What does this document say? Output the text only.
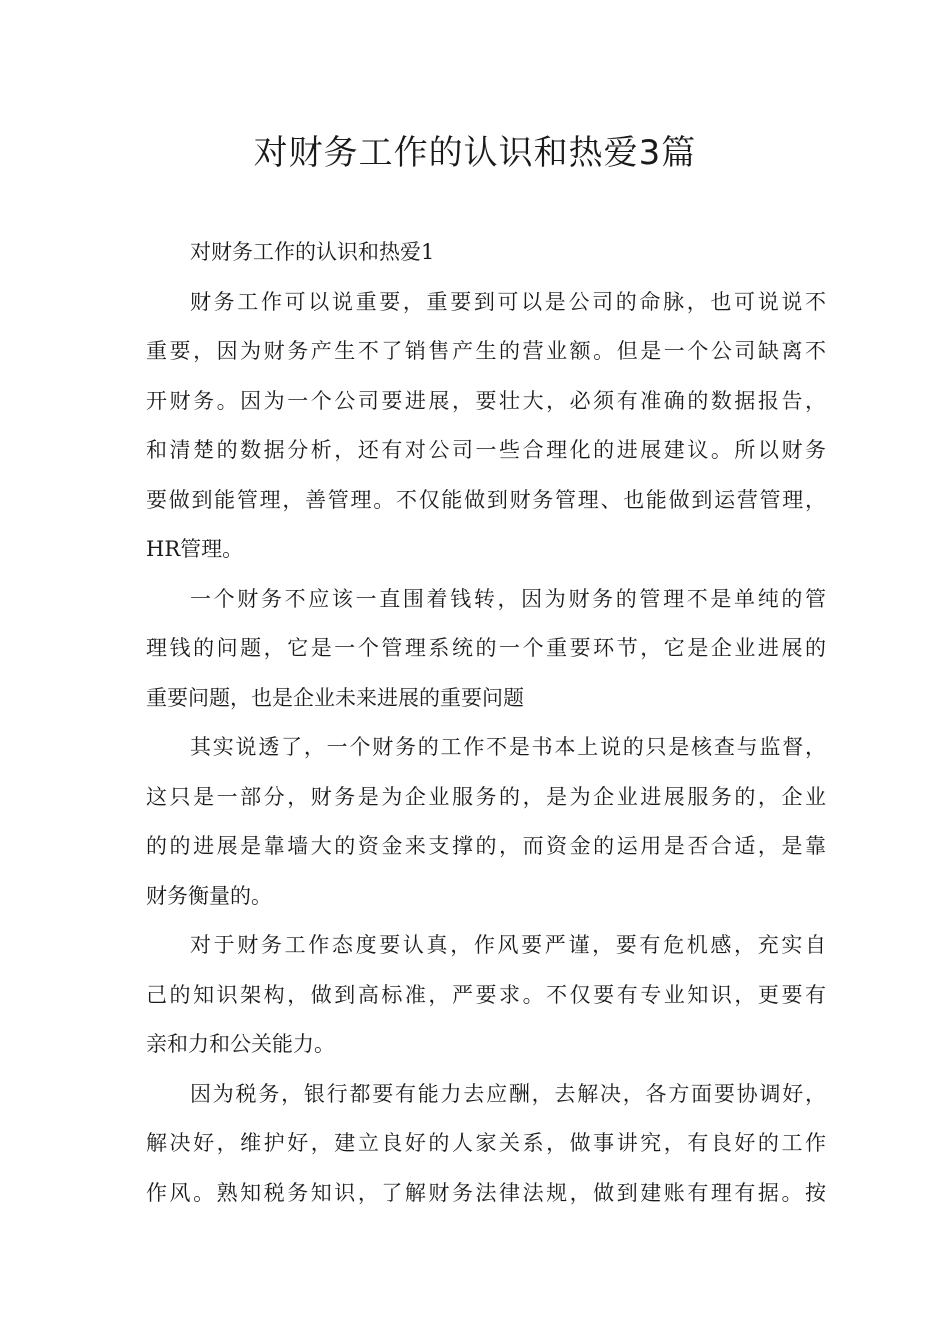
对财务工作的认识和热爱3篇

对财务工作的认识和热爱1

财务工作可以说重要，重要到可以是公司的命脉，也可说说不
重要，因为财务产生不了销售产生的营业额。但是一个公司缺离不
开财务。因为一个公司要进展，要壮大，必须有准确的数据报告，
和清楚的数据分析，还有对公司一些合理化的进展建议。所以财务
要做到能管理，善管理。不仅能做到财务管理、也能做到运营管理，
HR管理。

一个财务不应该一直围着钱转，因为财务的管理不是单纯的管
理钱的问题，它是一个管理系统的一个重要环节，它是企业进展的
重要问题，也是企业未来进展的重要问题

其实说透了，一个财务的工作不是书本上说的只是核查与监督，
这只是一部分，财务是为企业服务的，是为企业进展服务的，企业
的的进展是靠墙大的资金来支撑的，而资金的运用是否合适，是靠
财务衡量的。

对于财务工作态度要认真，作风要严谨，要有危机感，充实自
己的知识架构，做到高标准，严要求。不仅要有专业知识，更要有
亲和力和公关能力。

因为税务，银行都要有能力去应酬，去解决，各方面要协调好，
解决好，维护好，建立良好的人家关系，做事讲究，有良好的工作
作风。熟知税务知识，了解财务法律法规，做到建账有理有据。按
